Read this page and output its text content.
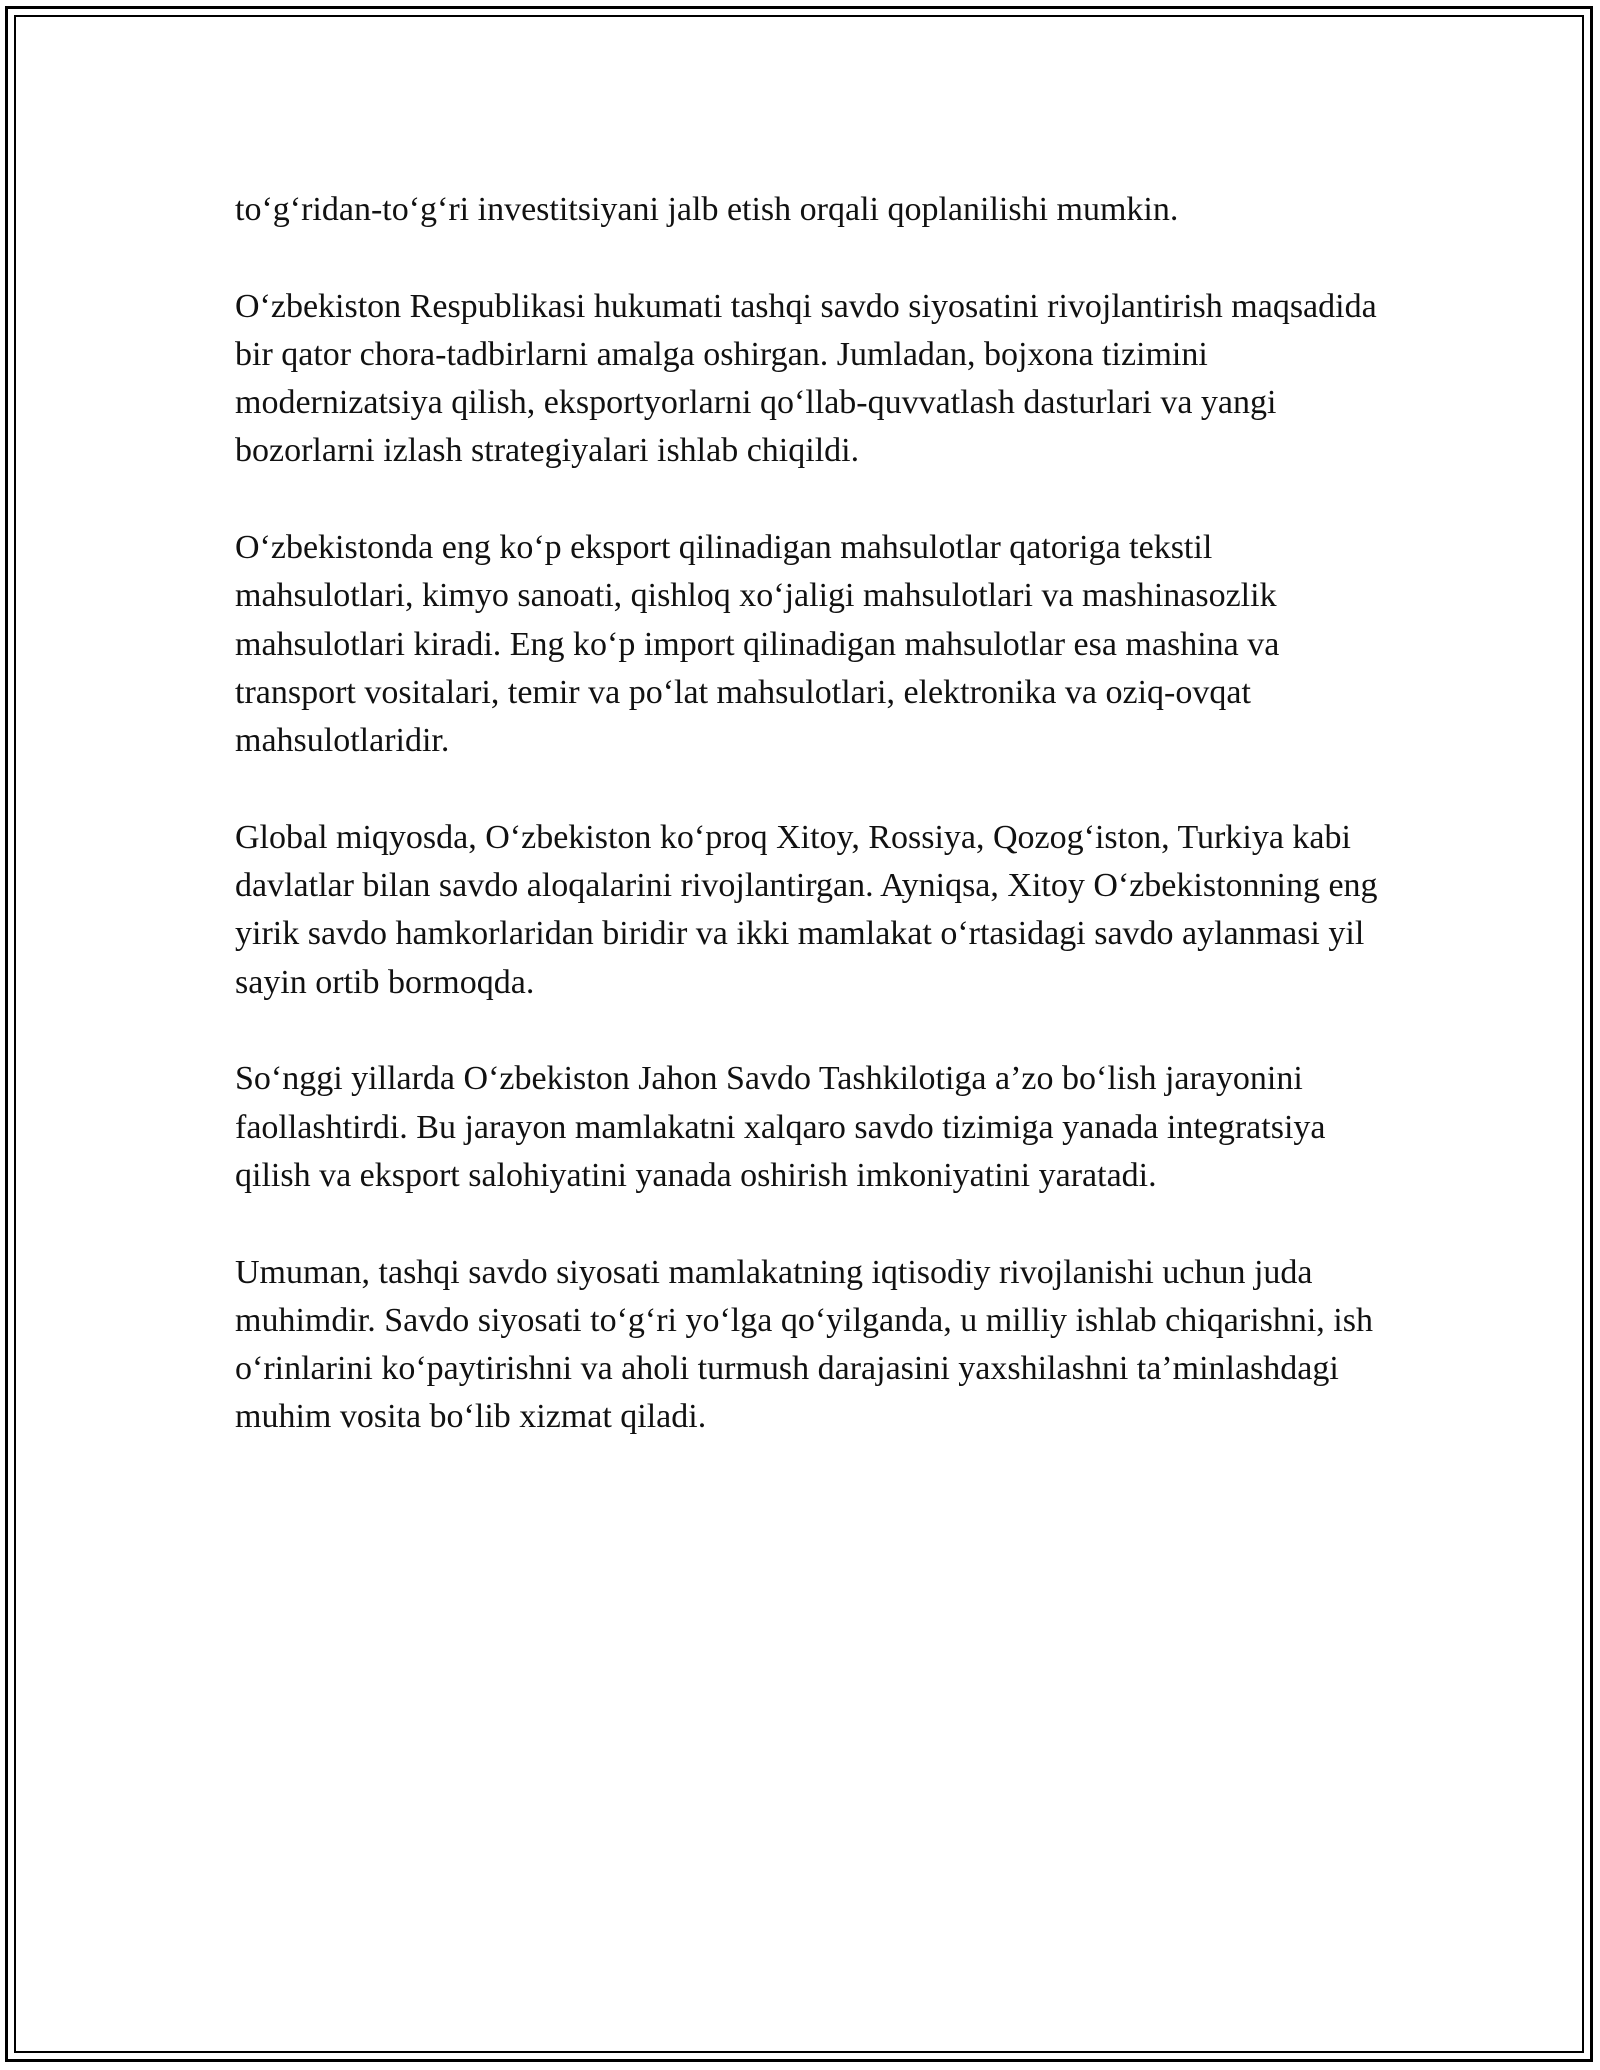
to‘g‘ridan-to‘g‘ri investitsiyani jalb etish orqali qoplanilishi mumkin.

O‘zbekiston Respublikasi hukumati tashqi savdo siyosatini rivojlantirish maqsadida bir qator chora-tadbirlarni amalga oshirgan. Jumladan, bojxona tizimini modernizatsiya qilish, eksportyorlarni qo‘llab-quvvatlash dasturlari va yangi bozorlarni izlash strategiyalari ishlab chiqildi.

O‘zbekistonda eng ko‘p eksport qilinadigan mahsulotlar qatoriga tekstil mahsulotlari, kimyo sanoati, qishloq xo‘jaligi mahsulotlari va mashinasozlik mahsulotlari kiradi. Eng ko‘p import qilinadigan mahsulotlar esa mashina va transport vositalari, temir va po‘lat mahsulotlari, elektronika va oziq-ovqat mahsulotlaridir.

Global miqyosda, O‘zbekiston ko‘proq Xitoy, Rossiya, Qozog‘iston, Turkiya kabi davlatlar bilan savdo aloqalarini rivojlantirgan. Ayniqsa, Xitoy O‘zbekistonning eng yirik savdo hamkorlaridan biridir va ikki mamlakat o‘rtasidagi savdo aylanmasi yil sayin ortib bormoqda.

So‘nggi yillarda O‘zbekiston Jahon Savdo Tashkilotiga a’zo bo‘lish jarayonini faollashtirdi. Bu jarayon mamlakatni xalqaro savdo tizimiga yanada integratsiya qilish va eksport salohiyatini yanada oshirish imkoniyatini yaratadi.

Umuman, tashqi savdo siyosati mamlakatning iqtisodiy rivojlanishi uchun juda muhimdir. Savdo siyosati to‘g‘ri yo‘lga qo‘yilganda, u milliy ishlab chiqarishni, ish o‘rinlarini ko‘paytirishni va aholi turmush darajasini yaxshilashni ta’minlashdagi muhim vosita bo‘lib xizmat qiladi.
